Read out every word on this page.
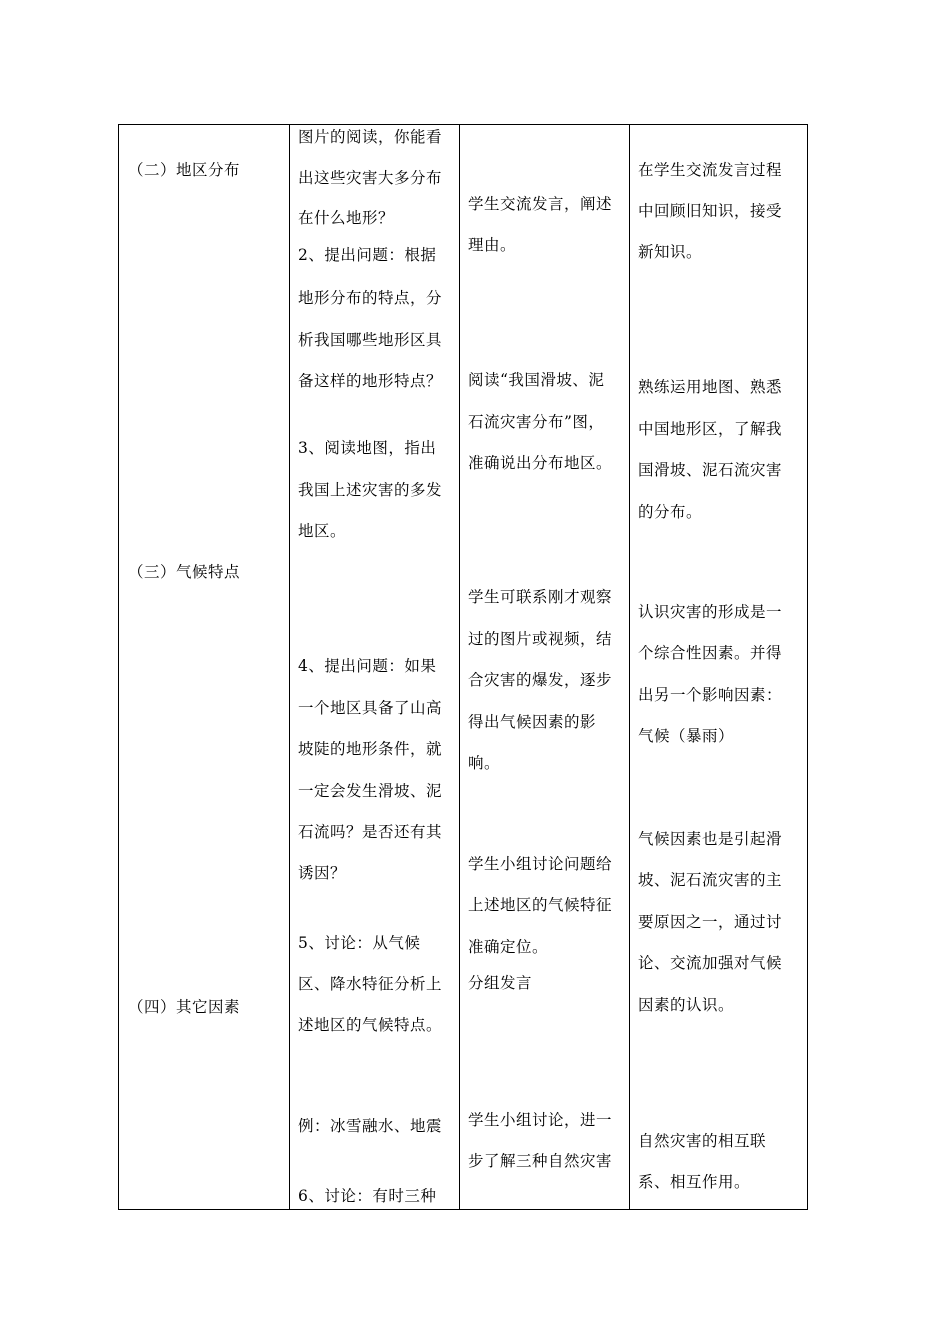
（二）地区分布
（三）气候特点
（四）其它因素
图片的阅读，你能看
出这些灾害大多分布
在什么地形？
2、提出问题：根据
地形分布的特点，分
析我国哪些地形区具
备这样的地形特点？
3、阅读地图，指出
我国上述灾害的多发
地区。
4、提出问题：如果
一个地区具备了山高
坡陡的地形条件，就
一定会发生滑坡、泥
石流吗？是否还有其
诱因？
5、讨论：从气候
区、降水特征分析上
述地区的气候特点。
例：冰雪融水、地震
6、讨论：有时三种
学生交流发言，阐述
理由。
阅读“我国滑坡、泥
石流灾害分布”图，
准确说出分布地区。
学生可联系刚才观察
过的图片或视频，结
合灾害的爆发，逐步
得出气候因素的影
响。
学生小组讨论问题给
上述地区的气候特征
准确定位。
分组发言
学生小组讨论，进一
步了解三种自然灾害
在学生交流发言过程
中回顾旧知识，接受
新知识。
熟练运用地图、熟悉
中国地形区，了解我
国滑坡、泥石流灾害
的分布。
认识灾害的形成是一
个综合性因素。并得
出另一个影响因素：
气候（暴雨）
气候因素也是引起滑
坡、泥石流灾害的主
要原因之一，通过讨
论、交流加强对气候
因素的认识。
自然灾害的相互联
系、相互作用。
